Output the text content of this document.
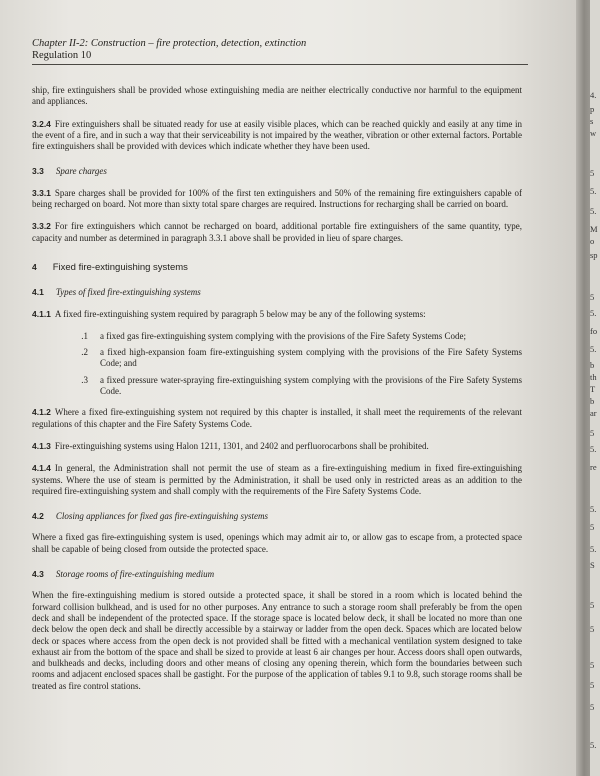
Chapter II-2: Construction – fire protection, detection, extinction
Regulation 10
ship, fire extinguishers shall be provided whose extinguishing media are neither electrically conductive nor harmful to the equipment and appliances.
3.2.4 Fire extinguishers shall be situated ready for use at easily visible places, which can be reached quickly and easily at any time in the event of a fire, and in such a way that their serviceability is not impaired by the weather, vibration or other external factors. Portable fire extinguishers shall be provided with devices which indicate whether they have been used.
3.3 Spare charges
3.3.1 Spare charges shall be provided for 100% of the first ten extinguishers and 50% of the remaining fire extinguishers capable of being recharged on board. Not more than sixty total spare charges are required. Instructions for recharging shall be carried on board.
3.3.2 For fire extinguishers which cannot be recharged on board, additional portable fire extinguishers of the same quantity, type, capacity and number as determined in paragraph 3.3.1 above shall be provided in lieu of spare charges.
4 Fixed fire-extinguishing systems
4.1 Types of fixed fire-extinguishing systems
4.1.1 A fixed fire-extinguishing system required by paragraph 5 below may be any of the following systems:
.1	a fixed gas fire-extinguishing system complying with the provisions of the Fire Safety Systems Code;
.2	a fixed high-expansion foam fire-extinguishing system complying with the provisions of the Fire Safety Systems Code; and
.3	a fixed pressure water-spraying fire-extinguishing system complying with the provisions of the Fire Safety Systems Code.
4.1.2 Where a fixed fire-extinguishing system not required by this chapter is installed, it shall meet the requirements of the relevant regulations of this chapter and the Fire Safety Systems Code.
4.1.3 Fire-extinguishing systems using Halon 1211, 1301, and 2402 and perfluorocarbons shall be prohibited.
4.1.4 In general, the Administration shall not permit the use of steam as a fire-extinguishing medium in fixed fire-extinguishing systems. Where the use of steam is permitted by the Administration, it shall be used only in restricted areas as an addition to the required fire-extinguishing system and shall comply with the requirements of the Fire Safety Systems Code.
4.2 Closing appliances for fixed gas fire-extinguishing systems
Where a fixed gas fire-extinguishing system is used, openings which may admit air to, or allow gas to escape from, a protected space shall be capable of being closed from outside the protected space.
4.3 Storage rooms of fire-extinguishing medium
When the fire-extinguishing medium is stored outside a protected space, it shall be stored in a room which is located behind the forward collision bulkhead, and is used for no other purposes. Any entrance to such a storage room shall preferably be from the open deck and shall be independent of the protected space. If the storage space is located below deck, it shall be located no more than one deck below the open deck and shall be directly accessible by a stairway or ladder from the open deck. Spaces which are located below deck or spaces where access from the open deck is not provided shall be fitted with a mechanical ventilation system designed to take exhaust air from the bottom of the space and shall be sized to provide at least 6 air changes per hour. Access doors shall open outwards, and bulkheads and decks, including doors and other means of closing any opening therein, which form the boundaries between such rooms and adjacent enclosed spaces shall be gastight. For the purpose of the application of tables 9.1 to 9.8, such storage rooms shall be treated as fire control stations.
4.
p
s
w
5
5.
5.
M
o
sp
5
5.
fo
5.
b
th
T
b
ar
5
5.
re
5.
5
5.
S
5
5
5
5
5
5.
